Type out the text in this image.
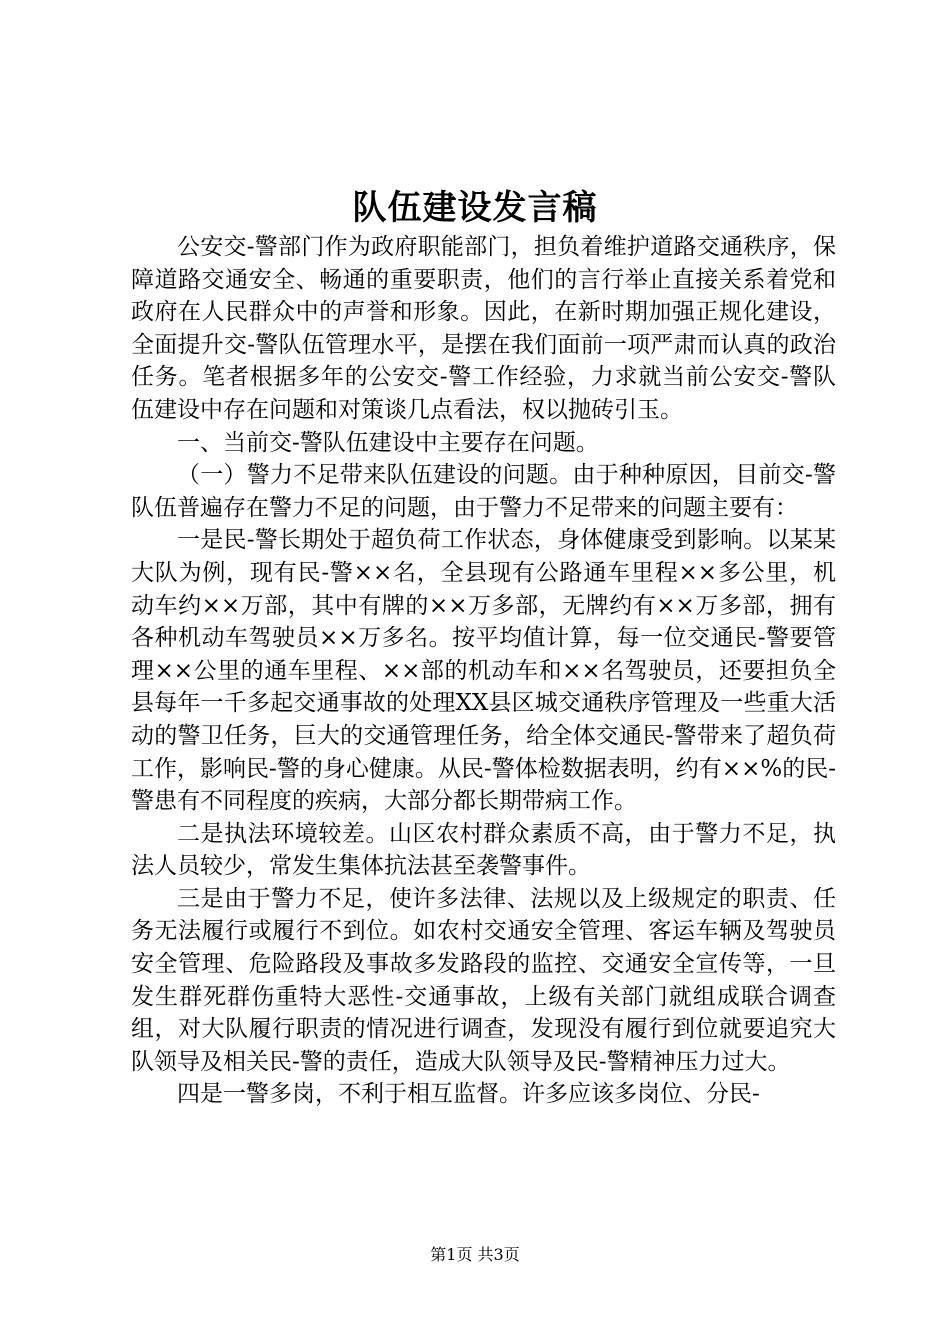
队伍建设发言稿

公安交-警部门作为政府职能部门，担负着维护道路交通秩序，保障道路交通安全、畅通的重要职责，他们的言行举止直接关系着党和政府在人民群众中的声誉和形象。因此，在新时期加强正规化建设，全面提升交-警队伍管理水平，是摆在我们面前一项严肃而认真的政治任务。笔者根据多年的公安交-警工作经验，力求就当前公安交-警队伍建设中存在问题和对策谈几点看法，权以抛砖引玉。

一、当前交-警队伍建设中主要存在问题。

（一）警力不足带来队伍建设的问题。由于种种原因，目前交-警队伍普遍存在警力不足的问题，由于警力不足带来的问题主要有：

一是民-警长期处于超负荷工作状态，身体健康受到影响。以某某大队为例，现有民-警××名，全县现有公路通车里程××多公里，机动车约××万部，其中有牌的××万多部，无牌约有××万多部，拥有各种机动车驾驶员××万多名。按平均值计算，每一位交通民-警要管理××公里的通车里程、××部的机动车和××名驾驶员，还要担负全县每年一千多起交通事故的处理XX县区城交通秩序管理及一些重大活动的警卫任务，巨大的交通管理任务，给全体交通民-警带来了超负荷工作，影响民-警的身心健康。从民-警体检数据表明，约有××%的民-警患有不同程度的疾病，大部分都长期带病工作。

二是执法环境较差。山区农村群众素质不高，由于警力不足，执法人员较少，常发生集体抗法甚至袭警事件。

三是由于警力不足，使许多法律、法规以及上级规定的职责、任务无法履行或履行不到位。如农村交通安全管理、客运车辆及驾驶员安全管理、危险路段及事故多发路段的监控、交通安全宣传等，一旦发生群死群伤重特大恶性-交通事故，上级有关部门就组成联合调查组，对大队履行职责的情况进行调查，发现没有履行到位就要追究大队领导及相关民-警的责任，造成大队领导及民-警精神压力过大。

四是一警多岗，不利于相互监督。许多应该多岗位、分民-

第1页 共3页
